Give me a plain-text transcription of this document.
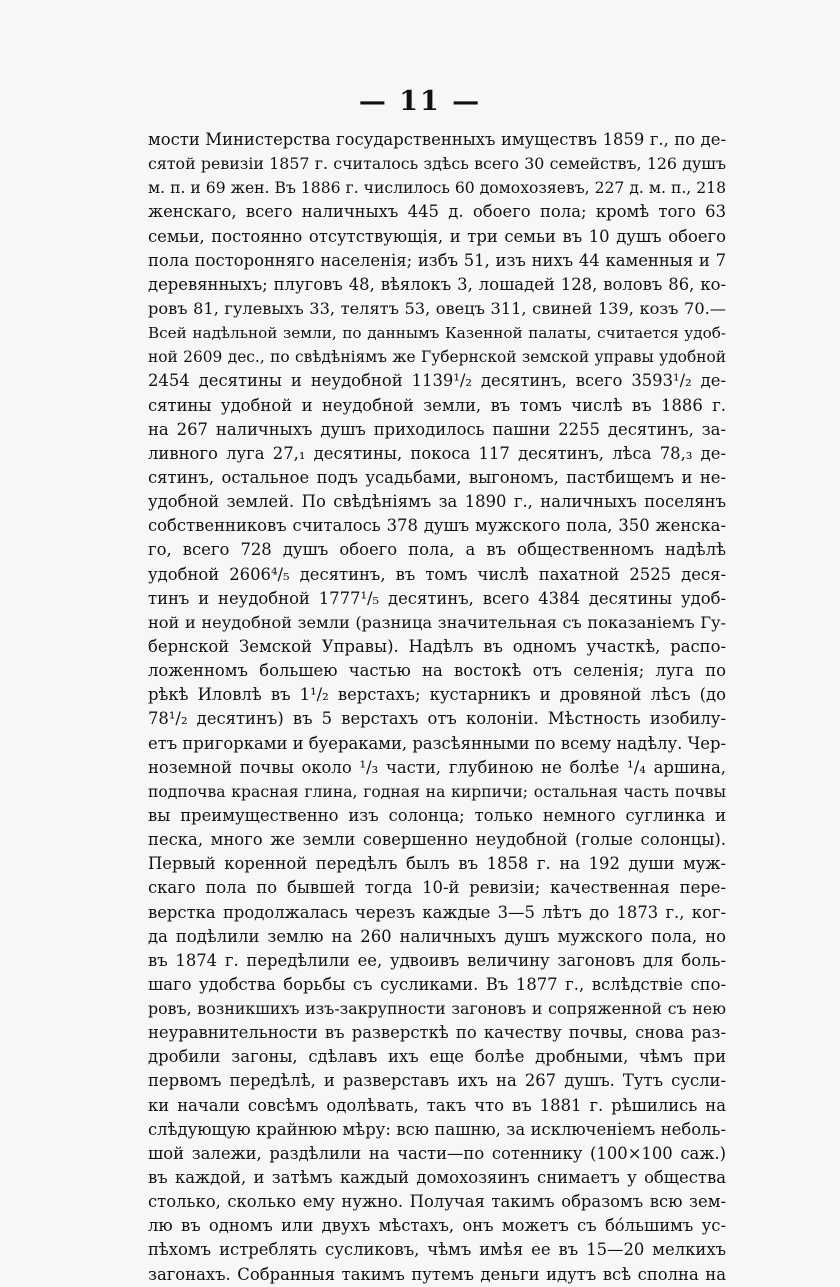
— 11 —
мости Министерства государственныхъ имуществъ 1859 г., по де-
сятой ревизіи 1857 г. считалось здѣсь всего 30 семействъ, 126 душъ
м. п. и 69 жен. Въ 1886 г. числилось 60 домохозяевъ, 227 д. м. п., 218
женскаго, всего наличныхъ 445 д. обоего пола; кромѣ того 63
семьи, постоянно отсутствующія, и три семьи въ 10 душъ обоего
пола посторонняго населенія; избъ 51, изъ нихъ 44 каменныя и 7
деревянныхъ; плуговъ 48, вѣялокъ 3, лошадей 128, воловъ 86, ко-
ровъ 81, гулевыхъ 33, телятъ 53, овецъ 311, свиней 139, козъ 70.—
Всей надѣльной земли, по даннымъ Казенной палаты, считается удоб-
ной 2609 дес., по свѣдѣніямъ же Губернской земской управы удобной
2454 десятины и неудобной 1139¹/₂ десятинъ, всего 3593¹/₂ де-
сятины удобной и неудобной земли, въ томъ числѣ въ 1886 г.
на 267 наличныхъ душъ приходилось пашни 2255 десятинъ, за-
ливного луга 27,₁ десятины, покоса 117 десятинъ, лѣса 78,₃ де-
сятинъ, остальное подъ усадьбами, выгономъ, пастбищемъ и не-
удобной землей. По свѣдѣніямъ за 1890 г., наличныхъ поселянъ
собственниковъ считалось 378 душъ мужского пола, 350 женска-
го, всего 728 душъ обоего пола, а въ общественномъ надѣлѣ
удобной 2606⁴/₅ десятинъ, въ томъ числѣ пахатной 2525 деся-
тинъ и неудобной 1777¹/₅ десятинъ, всего 4384 десятины удоб-
ной и неудобной земли (разница значительная съ показаніемъ Гу-
бернской Земской Управы). Надѣлъ въ одномъ участкѣ, распо-
ложенномъ большею частью на востокѣ отъ селенія; луга по
рѣкѣ Иловлѣ въ 1¹/₂ верстахъ; кустарникъ и дровяной лѣсъ (до
78¹/₂ десятинъ) въ 5 верстахъ отъ колоніи. Мѣстность изобилу-
етъ пригорками и буераками, разсѣянными по всему надѣлу. Чер-
ноземной почвы около ¹/₃ части, глубиною не болѣе ¹/₄ аршина,
подпочва красная глина, годная на кирпичи; остальная часть почвы
вы преимущественно изъ солонца; только немного суглинка и
песка, много же земли совершенно неудобной (голые солонцы).
Первый коренной передѣлъ былъ въ 1858 г. на 192 души муж-
скаго пола по бывшей тогда 10-й ревизіи; качественная пере-
верстка продолжалась черезъ каждые 3—5 лѣтъ до 1873 г., ког-
да подѣлили землю на 260 наличныхъ душъ мужского пола, но
въ 1874 г. передѣлили ее, удвоивъ величину загоновъ для боль-
шаго удобства борьбы съ сусликами. Въ 1877 г., вслѣдствіе спо-
ровъ, возникшихъ изъ-закрупности загоновъ и сопряженной съ нею
неуравнительности въ разверсткѣ по качеству почвы, снова раз-
дробили загоны, сдѣлавъ ихъ еще болѣе дробными, чѣмъ при
первомъ передѣлѣ, и разверставъ ихъ на 267 душъ. Тутъ сусли-
ки начали совсѣмъ одолѣвать, такъ что въ 1881 г. рѣшились на
слѣдующую крайнюю мѣру: всю пашню, за исключеніемъ неболь-
шой залежи, раздѣлили на части—по сотеннику (100×100 саж.)
въ каждой, и затѣмъ каждый домохозяинъ снимаетъ у общества
столько, сколько ему нужно. Получая такимъ образомъ всю зем-
лю въ одномъ или двухъ мѣстахъ, онъ можетъ съ бо́льшимъ ус-
пѣхомъ истреблять сусликовъ, чѣмъ имѣя ее въ 15—20 мелкихъ
загонахъ. Собранныя такимъ путемъ деньги идутъ всѣ сполна на
